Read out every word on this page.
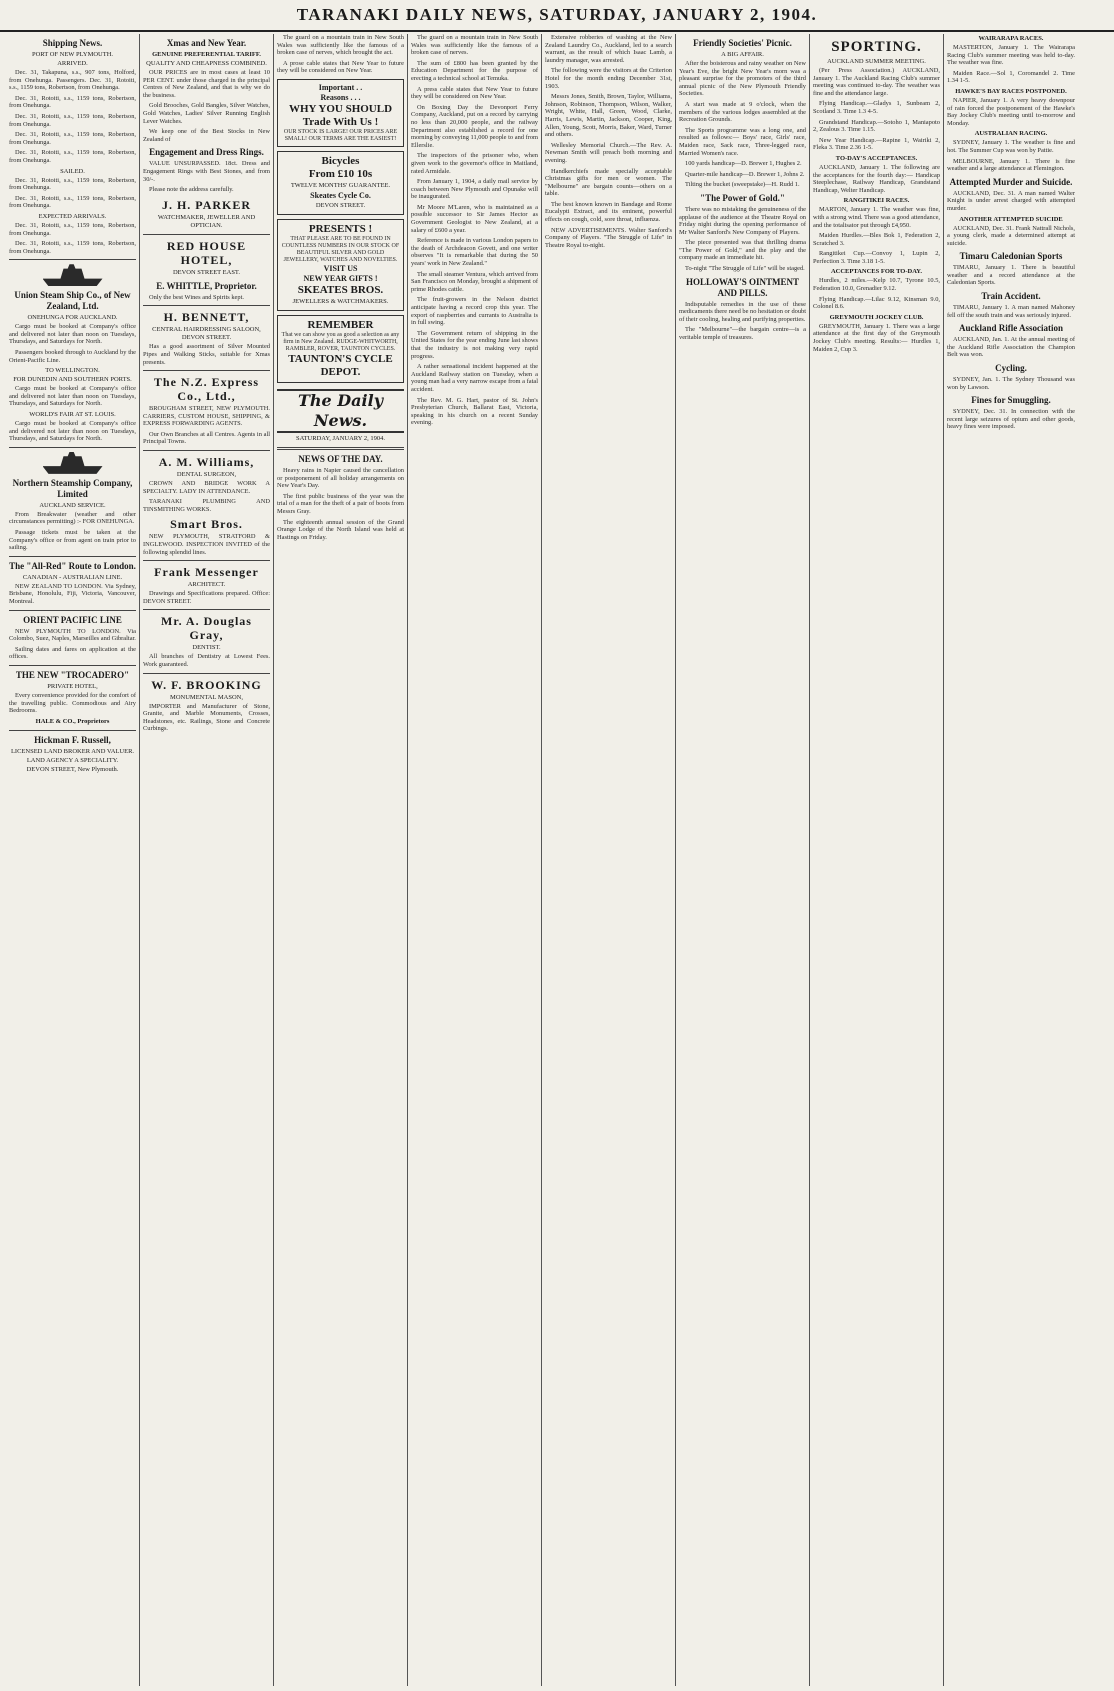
TARANAKI DAILY NEWS, SATURDAY, JANUARY 2, 1904.
Shipping News.
PORT OF NEW PLYMOUTH.
ARRIVED.

Dec. 31, Takapuna, s.s., 907 tons, Holford, from Onehunga. Passengers. Dec. 31, Rotoiti, s.s., 1159 tons, Robertson, from Onehunga.

Dec. 31, Rotoiti, s.s., 1159 tons, Robertson, from Onehunga.

Dec. 31, Rotoiti, s.s., 1159 tons, Robertson, from Onehunga.

Dec. 31, Rotoiti, s.s., 1159 tons, Robertson, from Onehunga.

Dec. 31, Rotoiti, s.s., 1159 tons, Robertson, from Onehunga.

SAILED.

Dec. 31, Rotoiti, s.s., 1159 tons, Robertson, from Onehunga.

Dec. 31, Rotoiti, s.s., 1159 tons, Robertson, from Onehunga.

EXPECTED ARRIVALS.

Dec. 31, Rotoiti, s.s., 1159 tons, Robertson, from Onehunga.

Dec. 31, Rotoiti, s.s., 1159 tons, Robertson, from Onehunga.

Union Steam Ship Co., of New Zealand, Ltd.
ONEHUNGA FOR AUCKLAND.

Cargo must be booked at Company's office and delivered not later than noon on Tuesdays, Thursdays, and Saturdays for North.

Passengers booked through to Auckland by the Orient-Pacific Line.

TO WELLINGTON.
FOR DUNEDIN AND SOUTHERN PORTS.

Cargo must be booked at Company's office and delivered not later than noon on Tuesdays, Thursdays, and Saturdays for North.

WORLD'S FAIR AT ST. LOUIS.

Cargo must be booked at Company's office and delivered not later than noon on Tuesdays, Thursdays, and Saturdays for North.

Northern Steamship Company, Limited
AUCKLAND SERVICE.

From Breakwater (weather and other circumstances permitting) :- FOR ONEHUNGA.

Passage tickets must be taken at the Company's office or from agent on train prior to sailing.

The "All-Red" Route to London.
CANADIAN - AUSTRALIAN LINE.

NEW ZEALAND TO LONDON. Via Sydney, Brisbane, Honolulu, Fiji, Victoria, Vancouver, Montreal.

ORIENT PACIFIC LINE

NEW PLYMOUTH TO LONDON. Via Colombo, Suez, Naples, Marseilles and Gibraltar.

Sailing dates and fares on application at the offices.

THE NEW "TROCADERO"
PRIVATE HOTEL,

Every convenience provided for the comfort of the travelling public. Commodious and Airy Bedrooms.

HALE & CO., Proprietors
Hickman F. Russell,
LICENSED LAND BROKER AND VALUER.
LAND AGENCY A SPECIALITY.
DEVON STREET, New Plymouth.
Xmas and New Year.
GENUINE PREFERENTIAL TARIFF.
QUALITY AND CHEAPNESS COMBINED.

OUR PRICES are in most cases at least 10 PER CENT. under those charged in the principal Centres of New Zealand, and that is why we do the business.

Gold Brooches, Gold Bangles, Silver Watches, Gold Watches, Ladies' Silver Running English Lever Watches.

We keep one of the Best Stocks in New Zealand of

Engagement and Dress Rings.

VALUE UNSURPASSED. 18ct. Dress and Engagement Rings with Best Stones, and from 30/-.

Please note the address carefully.

J. H. PARKER
WATCHMAKER, JEWELLER AND OPTICIAN.
RED HOUSE HOTEL,
DEVON STREET EAST.
E. WHITTLE, Proprietor.

Only the best Wines and Spirits kept.

H. BENNETT,
CENTRAL HAIRDRESSING SALOON, DEVON STREET.

Has a good assortment of Silver Mounted Pipes and Walking Sticks, suitable for Xmas presents.

The N.Z. Express Co., Ltd.,

BROUGHAM STREET, NEW PLYMOUTH. CARRIERS, CUSTOM HOUSE, SHIPPING, & EXPRESS FORWARDING AGENTS.

Our Own Branches at all Centres. Agents in all Principal Towns.

A. M. Williams,
DENTAL SURGEON,

CROWN AND BRIDGE WORK A SPECIALTY. LADY IN ATTENDANCE.

TARANAKI PLUMBING AND TINSMITHING WORKS.

Smart Bros.

NEW PLYMOUTH, STRATFORD & INGLEWOOD. INSPECTION INVITED of the following splendid lines.

Frank Messenger
ARCHITECT.

Drawings and Specifications prepared. Office: DEVON STREET.

Mr. A. Douglas Gray,
DENTIST.

All branches of Dentistry at Lowest Fees. Work guaranteed.

W. F. BROOKING
MONUMENTAL MASON,

IMPORTER and Manufacturer of Stone, Granite, and Marble Monuments, Crosses, Headstones, etc. Railings, Stone and Concrete Curbings.

The guard on a mountain train in New South Wales was sufficiently like the famous of a broken case of nerves, which brought the act.

A prose cable states that New Year to future they will be considered on New Year.

Important . .
Reasons . . .
WHY YOU SHOULD Trade With Us !
OUR STOCK IS LARGE! OUR PRICES ARE SMALL! OUR TERMS ARE THE EASIEST!
Bicycles
From £10 10s
TWELVE MONTHS' GUARANTEE.
Skeates Cycle Co.
DEVON STREET.
PRESENTS !
THAT PLEASE ARE TO BE FOUND IN COUNTLESS NUMBERS IN OUR STOCK OF BEAUTIFUL SILVER AND GOLD JEWELLERY, WATCHES AND NOVELTIES.
VISIT US
NEW YEAR GIFTS !
SKEATES BROS.
JEWELLERS & WATCHMAKERS.
REMEMBER
That we can show you as good a selection as any firm in New Zealand. RUDGE-WHITWORTH, RAMBLER, ROVER, TAUNTON CYCLES.
TAUNTON'S CYCLE DEPOT.
The Daily News.
SATURDAY, JANUARY 2, 1904.
NEWS OF THE DAY.

Heavy rains in Napier caused the cancellation or postponement of all holiday arrangements on New Year's Day.

The first public business of the year was the trial of a man for the theft of a pair of boots from Messrs Gray.

The eighteenth annual session of the Grand Orange Lodge of the North Island was held at Hastings on Friday.

The guard on a mountain train in New South Wales was sufficiently like the famous of a broken case of nerves.

The sum of £800 has been granted by the Education Department for the purpose of erecting a technical school at Temuka.

A press cable states that New Year to future they will be considered on New Year.

On Boxing Day the Devonport Ferry Company, Auckland, put on a record by carrying no less than 20,000 people, and the railway Department also established a record for one morning by conveying 11,000 people to and from Ellerslie.

The inspectors of the prisoner who, when given work to the governor's office in Maitland, rated Armidale.

From January 1, 1904, a daily mail service by coach between New Plymouth and Opunake will be inaugurated.

Mr Moore M'Laren, who is maintained as a possible successor to Sir James Hector as Government Geologist to New Zealand, at a salary of £600 a year.

Reference is made in various London papers to the death of Archdeacon Govett, and one writer observes "It is remarkable that during the 50 years' work in New Zealand."

The small steamer Ventura, which arrived from San Francisco on Monday, brought a shipment of prime Rhodes cattle.

The fruit-growers in the Nelson district anticipate having a record crop this year. The export of raspberries and currants to Australia is in full swing.

The Government return of shipping in the United States for the year ending June last shows that the industry is not making very rapid progress.

A rather sensational incident happened at the Auckland Railway station on Tuesday, when a young man had a very narrow escape from a fatal accident.

The Rev. M. G. Hart, pastor of St. John's Presbyterian Church, Ballarat East, Victoria, speaking in his church on a recent Sunday evening.

Extensive robberies of washing at the New Zealand Laundry Co., Auckland, led to a search warrant, as the result of which Isaac Lamb, a laundry manager, was arrested.

The following were the visitors at the Criterion Hotel for the month ending December 31st, 1903.

Messrs Jones, Smith, Brown, Taylor, Williams, Johnson, Robinson, Thompson, Wilson, Walker, Wright, White, Hall, Green, Wood, Clarke, Harris, Lewis, Martin, Jackson, Cooper, King, Allen, Young, Scott, Morris, Baker, Ward, Turner and others.

Wellesley Memorial Church.—The Rev. A. Newman Smith will preach both morning and evening.

Handkerchiefs made specially acceptable Christmas gifts for men or women. The "Melbourne" are bargain counts—others on a table.

The best known known in Bandage and Rome Eucalypti Extract, and its eminent, powerful effects on cough, cold, sore throat, influenza.

NEW ADVERTISEMENTS. Walter Sanford's Company of Players. "The Struggle of Life" in Theatre Royal to-night.

Friendly Societies' Picnic.
A BIG AFFAIR.

After the boisterous and rainy weather on New Year's Eve, the bright New Year's morn was a pleasant surprise for the promoters of the third annual picnic of the New Plymouth Friendly Societies.

A start was made at 9 o'clock, when the members of the various lodges assembled at the Recreation Grounds.

The Sports programme was a long one, and resulted as follows:— Boys' race, Girls' race, Maiden race, Sack race, Three-legged race, Married Women's race.

100 yards handicap—D. Brewer 1, Hughes 2.

Quarter-mile handicap—D. Brewer 1, Johns 2.

Tilting the bucket (sweepstake)—H. Rudd 1.

"The Power of Gold."

There was no mistaking the genuineness of the applause of the audience at the Theatre Royal on Friday night during the opening performance of Mr Walter Sanford's New Company of Players.

The piece presented was that thrilling drama "The Power of Gold," and the play and the company made an immediate hit.

To-night "The Struggle of Life" will be staged.

HOLLOWAY'S OINTMENT AND PILLS.

Indisputable remedies in the use of these medicaments there need be no hesitation or doubt of their cooling, healing and purifying properties.

The "Melbourne"—the bargain centre—is a veritable temple of treasures.

SPORTING.
AUCKLAND SUMMER MEETING.

(Per Press Association.) AUCKLAND, January 1. The Auckland Racing Club's summer meeting was continued to-day. The weather was fine and the attendance large.

Flying Handicap.—Gladys 1, Sunbeam 2, Scotland 3. Time 1.3 4-5.

Grandstand Handicap.—Sotoho 1, Maniapoto 2, Zealous 3. Time 1.15.

New Year Handicap.—Rapine 1, Wairiki 2, Fleka 3. Time 2.36 1-5.

TO-DAY'S ACCEPTANCES.

AUCKLAND, January 1. The following are the acceptances for the fourth day:— Handicap Steeplechase, Railway Handicap, Grandstand Handicap, Welter Handicap.

RANGITIKEI RACES.

MARTON, January 1. The weather was fine, with a strong wind. There was a good attendance, and the totalisator put through £4,950.

Maiden Hurdles.—Bles Bok 1, Federation 2, Scratched 3.

Rangitikei Cup.—Convoy 1, Lupin 2, Perfection 3. Time 3.18 1-5.

ACCEPTANCES FOR TO-DAY.

Hurdles, 2 miles.—Kelp 10.7, Tyrone 10.5, Federation 10.0, Grenadier 9.12.

Flying Handicap.—Lilac 9.12, Kinsman 9.0, Colonel 8.6.

GREYMOUTH JOCKEY CLUB.

GREYMOUTH, January 1. There was a large attendance at the first day of the Greymouth Jockey Club's meeting. Results:— Hurdles 1, Maiden 2, Cup 3.

WAIRARAPA RACES.

MASTERTON, January 1. The Wairarapa Racing Club's summer meeting was held to-day. The weather was fine.

Maiden Race.—Sol 1, Coromandel 2. Time 1.34 1-5.

HAWKE'S BAY RACES POSTPONED.

NAPIER, January 1. A very heavy downpour of rain forced the postponement of the Hawke's Bay Jockey Club's meeting until to-morrow and Monday.

AUSTRALIAN RACING.

SYDNEY, January 1. The weather is fine and hot. The Summer Cup was won by Pattie.

MELBOURNE, January 1. There is fine weather and a large attendance at Flemington.

Attempted Murder and Suicide.

AUCKLAND, Dec. 31. A man named Walter Knight is under arrest charged with attempted murder.

ANOTHER ATTEMPTED SUICIDE

AUCKLAND, Dec. 31. Frank Nattrall Nichols, a young clerk, made a determined attempt at suicide.

Timaru Caledonian Sports

TIMARU, January 1. There is beautiful weather and a record attendance at the Caledonian Sports.

Train Accident.

TIMARU, January 1. A man named Mahoney fell off the south train and was seriously injured.

Auckland Rifle Association

AUCKLAND, Jan. 1. At the annual meeting of the Auckland Rifle Association the Champion Belt was won.

Cycling.

SYDNEY, Jan. 1. The Sydney Thousand was won by Lawson.

Fines for Smuggling.

SYDNEY, Dec. 31. In connection with the recent large seizures of opium and other goods, heavy fines were imposed.
